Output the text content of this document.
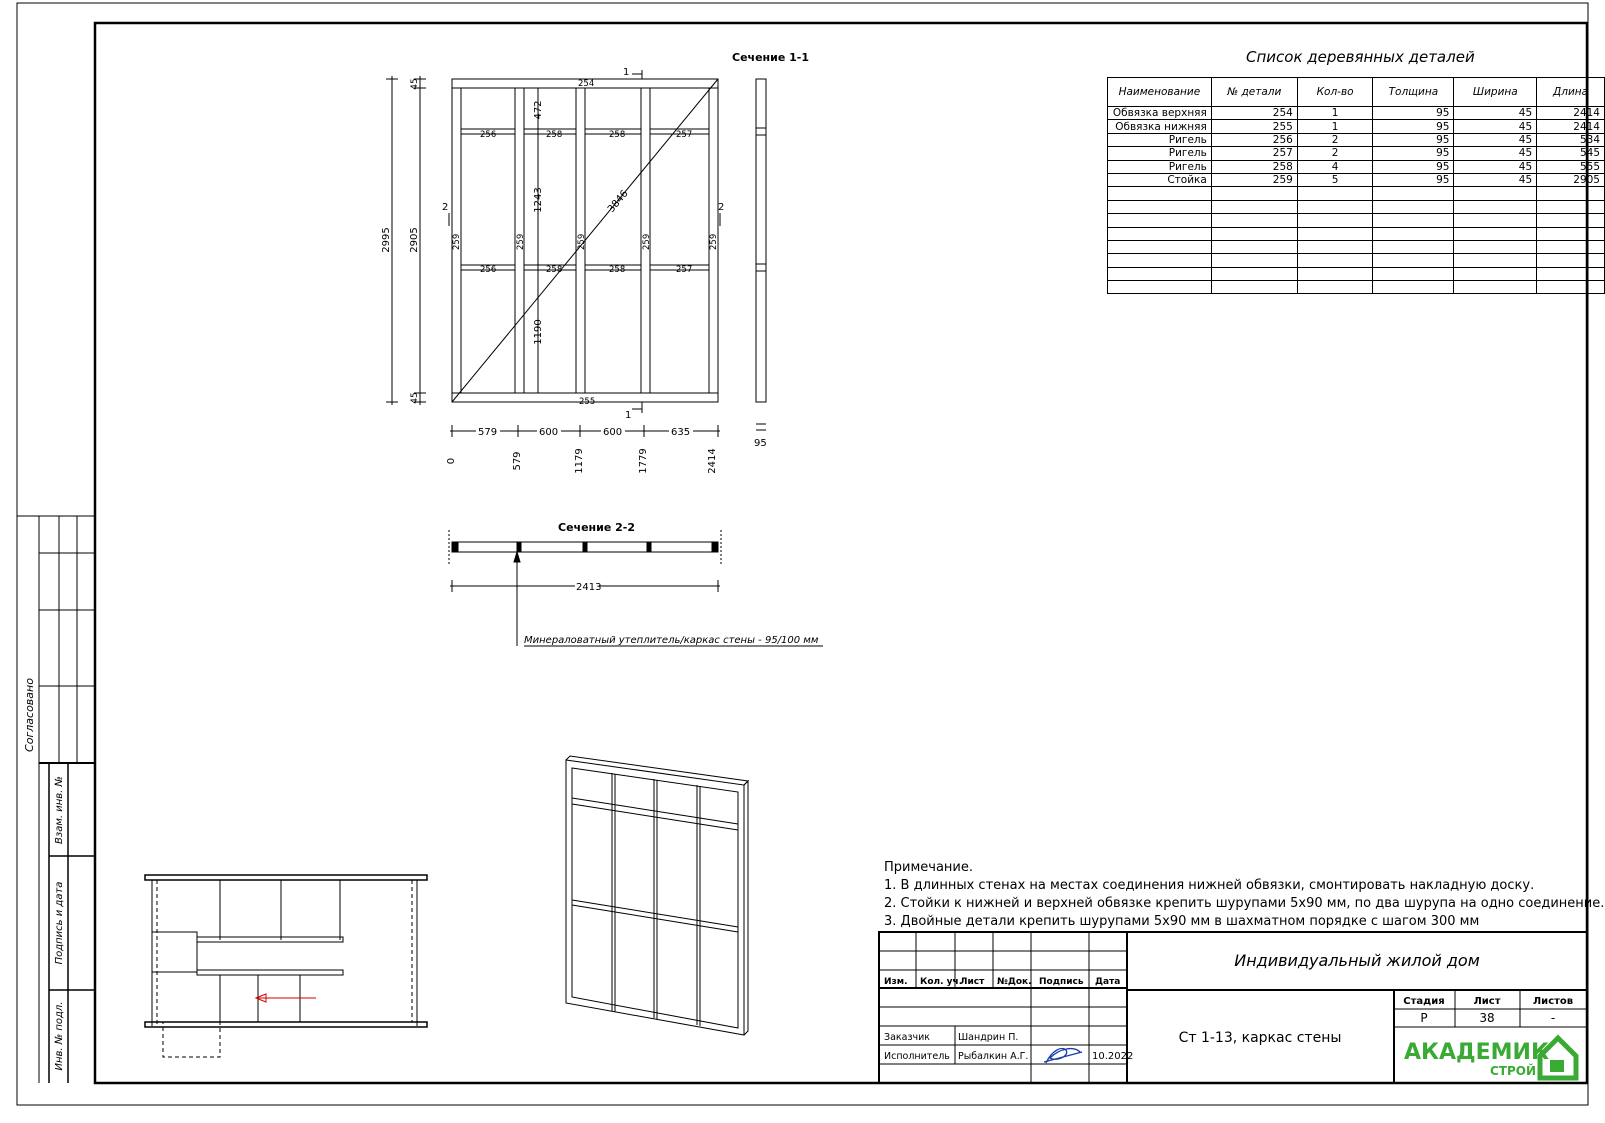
Согласовано
Взам. инв. №
Подпись и дата
Инв. № подл.
Сечение 1-1
1
1
2	2
254
255
256	258	258	257
256	258	258	257
259	259	259	259	259
3846
2995 2905
45
45
472
1243
1190
579	600	600	635
0	579	1179	1779	2414
95
Сечение 2-2
2413
Минераловатный утеплитель/каркас стены - 95/100 мм
Изм. Кол. уч.
Лист №Док. Подпись Дата
Заказчик	Шандрин П.
Исполнитель Рыбалкин А.Г.	10.2022
Индивидуальный жилой дом
Ст 1-13, каркас стены
Стадия	Лист	Листов
Р	38	-
АКАДЕМИК
СТРОЙ
Список деревянных деталей
Наименование	№ детали	Кол-во	Толщина	Ширина	Длина
Обвязка верхняя	254	1	95	45	2414
Обвязка нижняя	255	1	95	45	2414
Ригель	256	2	95	45	534
Ригель	257	2	95	45	545
Ригель	258	4	95	45	555
Стойка	259	5	95	45	2905

Примечание.
1. В длинных стенах на местах соединения нижней обвязки, смонтировать накладную доску.
2. Стойки к нижней и верхней обвязке крепить шурупами 5х90 мм, по два шурупа на одно соединение.
3. Двойные детали крепить шурупами 5х90 мм в шахматном порядке с шагом 300 мм
